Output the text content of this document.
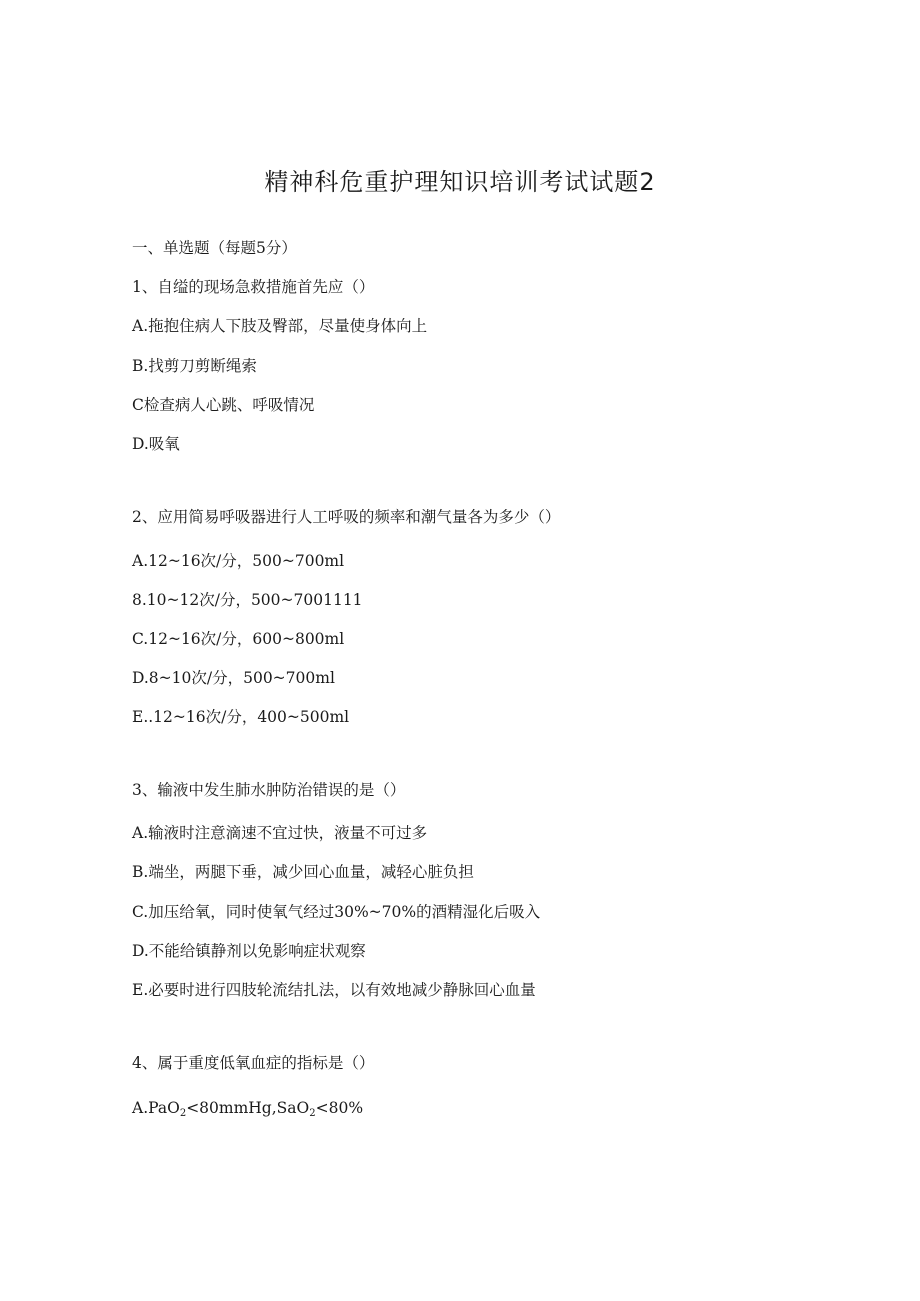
精神科危重护理知识培训考试试题2
一、单选题（每题5分）
1、自缢的现场急救措施首先应（）
A.拖抱住病人下肢及臀部，尽量使身体向上
B.找剪刀剪断绳索
C检查病人心跳、呼吸情况
D.吸氧
2、应用简易呼吸器进行人工呼吸的频率和潮气量各为多少（）
A.12~16次/分，500~700ml
8.10~12次/分，500~7001111
C.12~16次/分，600~800ml
D.8~10次/分，500~700ml
E..12~16次/分，400~500ml
3、输液中发生肺水肿防治错误的是（）
A.输液时注意滴速不宜过快，液量不可过多
B.端坐，两腿下垂，减少回心血量，减轻心脏负担
C.加压给氧，同时使氧气经过30%~70%的酒精湿化后吸入
D.不能给镇静剂以免影响症状观察
E.必要时进行四肢轮流结扎法，以有效地减少静脉回心血量
4、属于重度低氧血症的指标是（）
A.PaO$_2$<80mmHg,SaO$_2$<80%
